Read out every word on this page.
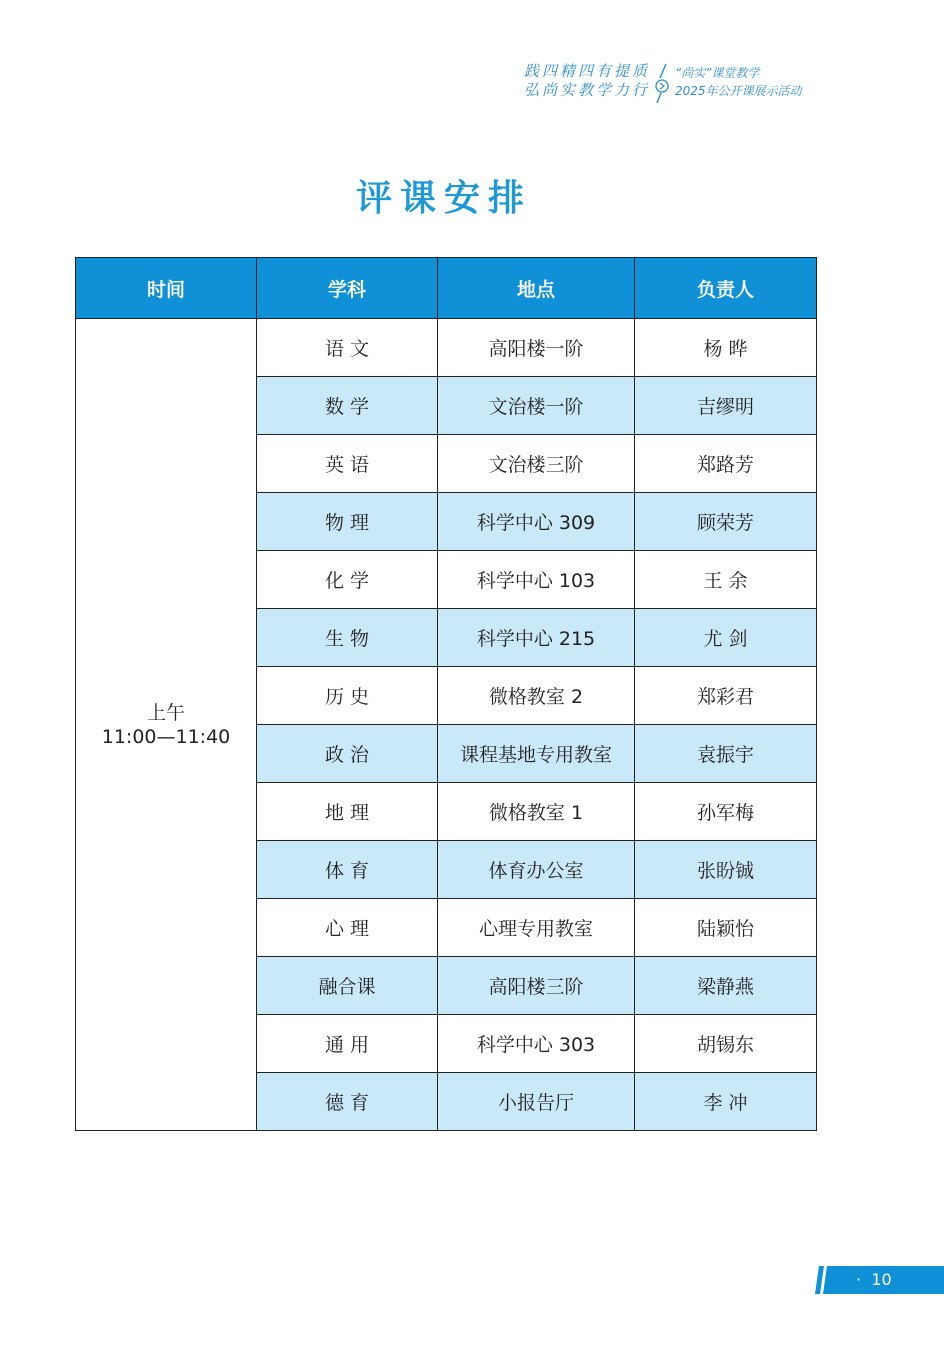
践四精四有提质
弘尚实教学力行
“尚实”课堂教学
2025年公开课展示活动
评课安排
时间	学科	地点	负责人

上午
11:00—11:40	语 文	高阳楼一阶	杨 晔
	数 学	文治楼一阶	吉缪明
	英 语	文治楼三阶	郑路芳
	物 理	科学中心 309	顾荣芳
	化 学	科学中心 103	王 余
	生 物	科学中心 215	尤 剑
	历 史	微格教室 2	郑彩君
	政 治	课程基地专用教室	袁振宇
	地 理	微格教室 1	孙军梅
	体 育	体育办公室	张盼铖
	心 理	心理专用教室	陆颖怡
	融合课	高阳楼三阶	梁静燕
	通 用	科学中心 303	胡锡东
	德 育	小报告厅	李 冲
· 10
